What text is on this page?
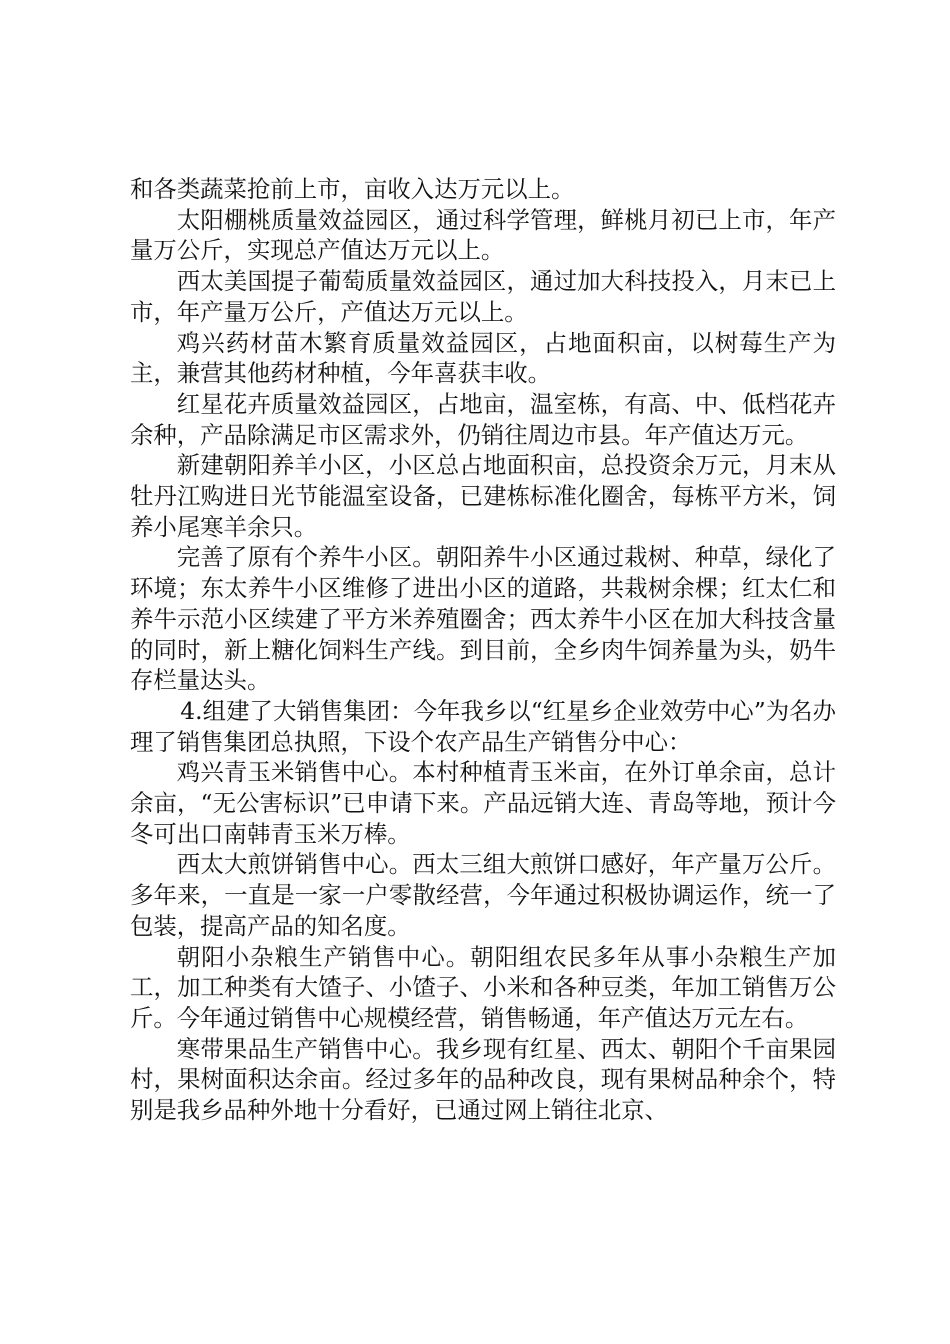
和各类蔬菜抢前上市，亩收入达万元以上。

太阳棚桃质量效益园区，通过科学管理，鲜桃月初已上市，年产量万公斤，实现总产值达万元以上。

西太美国提子葡萄质量效益园区，通过加大科技投入，月末已上市，年产量万公斤，产值达万元以上。

鸡兴药材苗木繁育质量效益园区，占地面积亩，以树莓生产为主，兼营其他药材种植，今年喜获丰收。

红星花卉质量效益园区，占地亩，温室栋，有高、中、低档花卉余种，产品除满足市区需求外，仍销往周边市县。年产值达万元。

新建朝阳养羊小区，小区总占地面积亩，总投资余万元，月末从牡丹江购进日光节能温室设备，已建栋标准化圈舍，每栋平方米，饲养小尾寒羊余只。

完善了原有个养牛小区。朝阳养牛小区通过栽树、种草，绿化了环境；东太养牛小区维修了进出小区的道路，共栽树余棵；红太仁和养牛示范小区续建了平方米养殖圈舍；西太养牛小区在加大科技含量的同时，新上糖化饲料生产线。到目前，全乡肉牛饲养量为头，奶牛存栏量达头。

4.组建了大销售集团：今年我乡以“红星乡企业效劳中心”为名办理了销售集团总执照，下设个农产品生产销售分中心：

鸡兴青玉米销售中心。本村种植青玉米亩，在外订单余亩，总计余亩，“无公害标识”已申请下来。产品远销大连、青岛等地，预计今冬可出口南韩青玉米万棒。

西太大煎饼销售中心。西太三组大煎饼口感好，年产量万公斤。多年来，一直是一家一户零散经营，今年通过积极协调运作，统一了包装，提高产品的知名度。

朝阳小杂粮生产销售中心。朝阳组农民多年从事小杂粮生产加工，加工种类有大馇子、小馇子、小米和各种豆类，年加工销售万公斤。今年通过销售中心规模经营，销售畅通，年产值达万元左右。

寒带果品生产销售中心。我乡现有红星、西太、朝阳个千亩果园村，果树面积达余亩。经过多年的品种改良，现有果树品种余个，特别是我乡品种外地十分看好，已通过网上销往北京、
